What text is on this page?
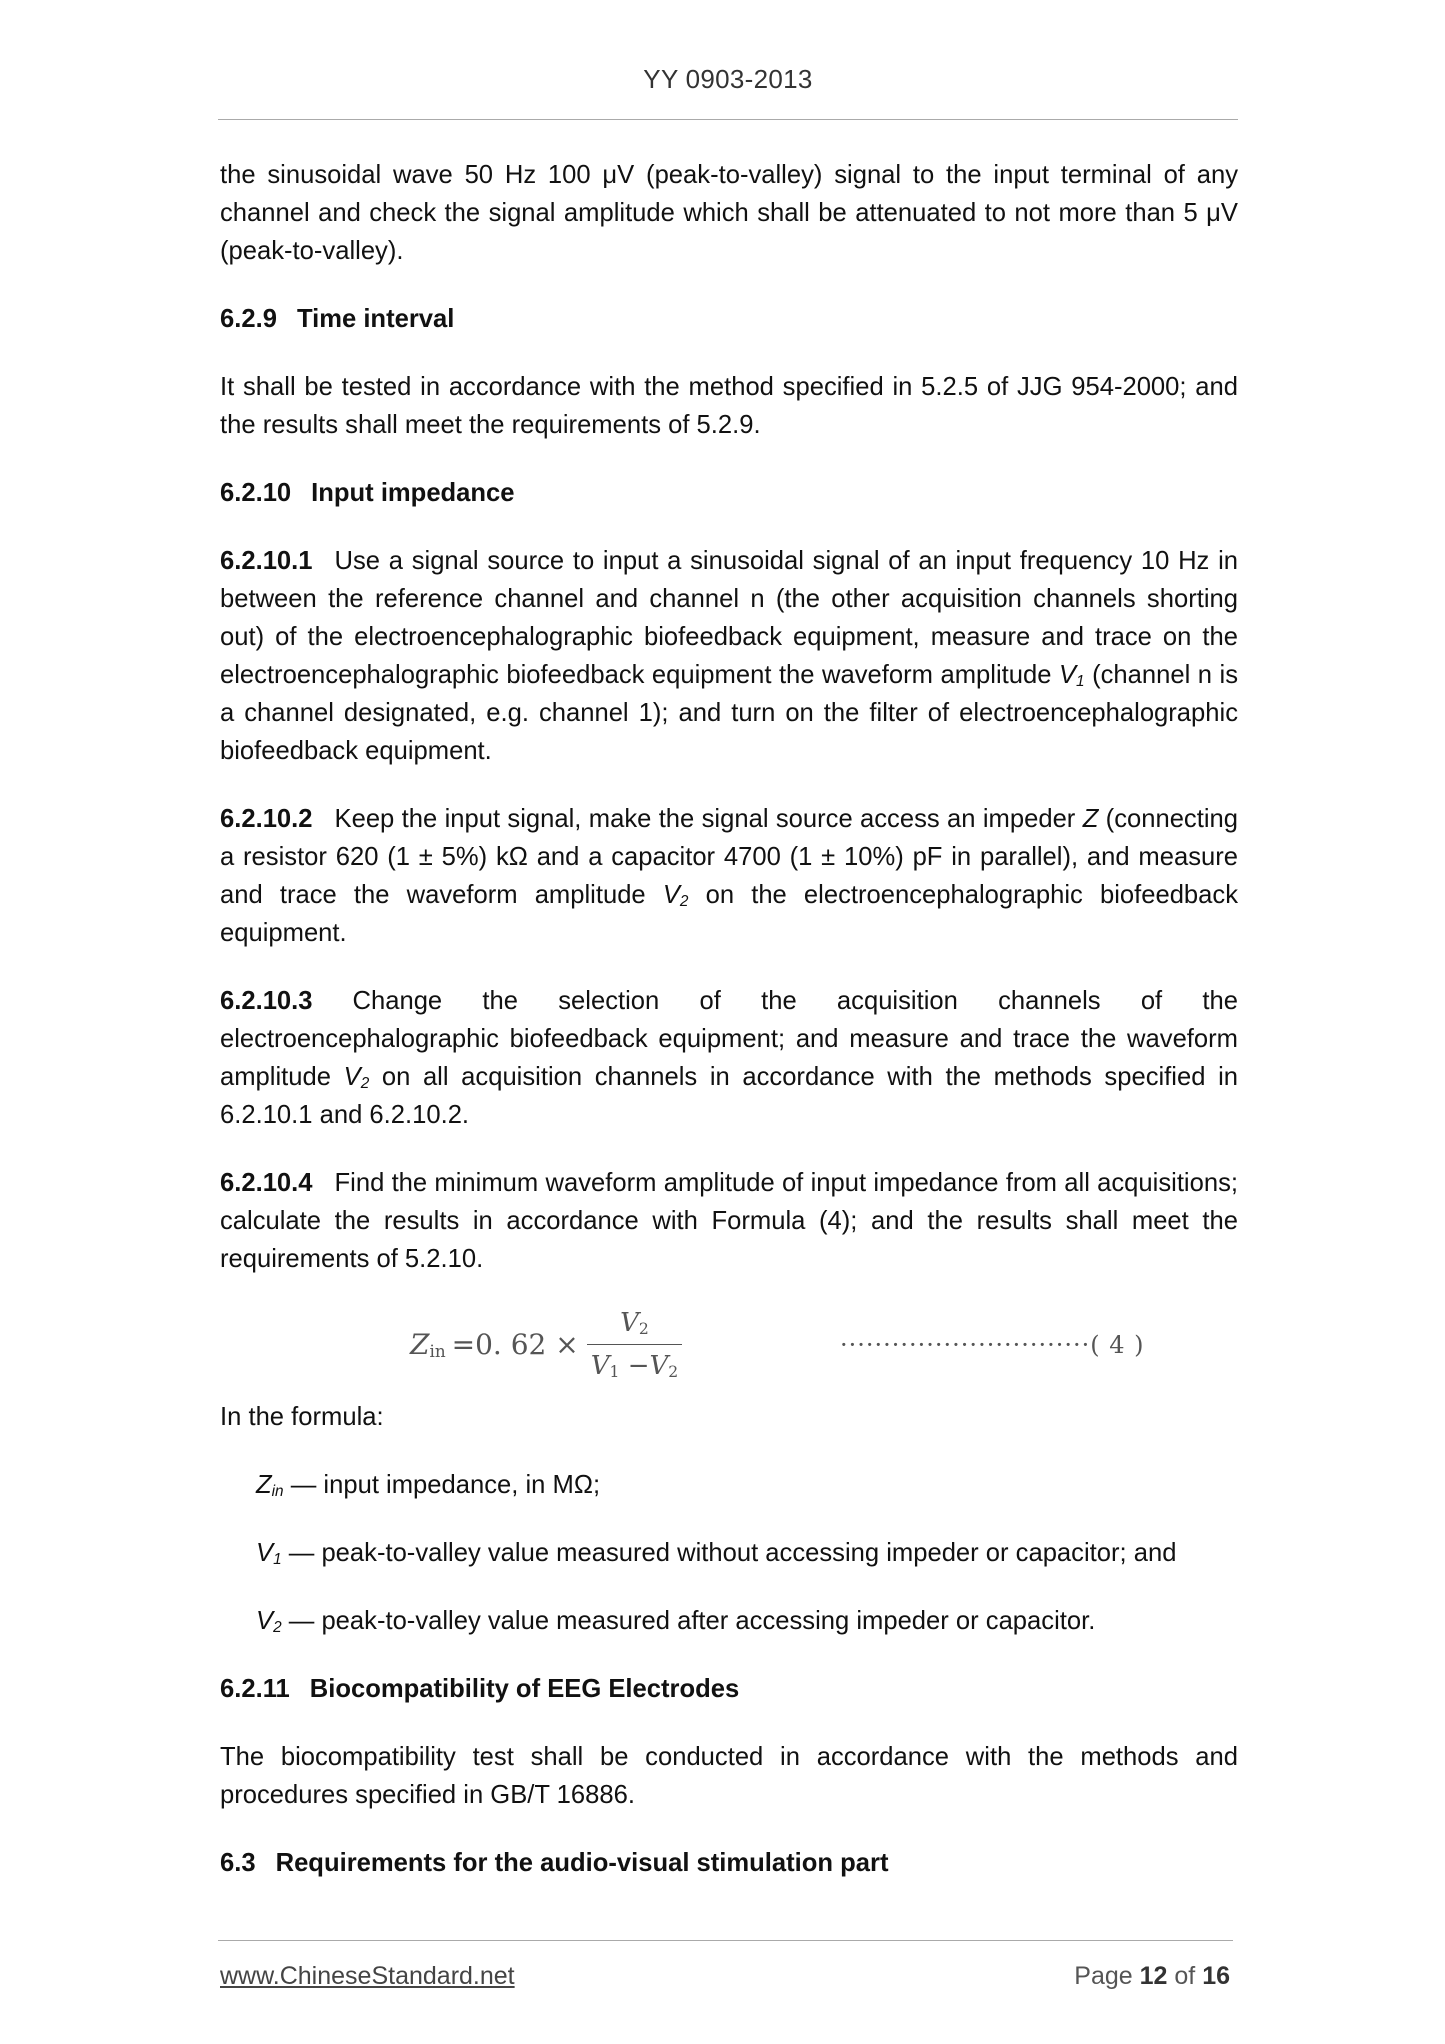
YY 0903-2013

the sinusoidal wave 50 Hz 100 μV (peak-to-valley) signal to the input terminal of any channel and check the signal amplitude which shall be attenuated to not more than 5 μV (peak-to-valley).

6.2.9 Time interval

It shall be tested in accordance with the method specified in 5.2.5 of JJG 954-2000; and the results shall meet the requirements of 5.2.9.

6.2.10 Input impedance

6.2.10.1 Use a signal source to input a sinusoidal signal of an input frequency 10 Hz in between the reference channel and channel n (the other acquisition channels shorting out) of the electroencephalographic biofeedback equipment, measure and trace on the electroencephalographic biofeedback equipment the waveform amplitude $V_1$ (channel n is a channel designated, e.g. channel 1); and turn on the filter of electroencephalographic biofeedback equipment.

6.2.10.2 Keep the input signal, make the signal source access an impeder Z (connecting a resistor 620 (1 ± 5%) kΩ and a capacitor 4700 (1 ± 10%) pF in parallel), and measure and trace the waveform amplitude $V_2$ on the electroencephalographic biofeedback equipment.

6.2.10.3 Change the selection of the acquisition channels of the electroencephalographic biofeedback equipment; and measure and trace the waveform amplitude $V_2$ on all acquisition channels in accordance with the methods specified in 6.2.10.1 and 6.2.10.2.

6.2.10.4 Find the minimum waveform amplitude of input impedance from all acquisitions; calculate the results in accordance with Formula (4); and the results shall meet the requirements of 5.2.10.

$Z_{in} =0$. $62 \times \frac{V_2}{V_1 -V_2}$	·····························( 4 )

In the formula:

$Z_{in}$ — input impedance, in MΩ;

$V_1$ — peak-to-valley value measured without accessing impeder or capacitor; and

$V_2$ — peak-to-valley value measured after accessing impeder or capacitor.

6.2.11 Biocompatibility of EEG Electrodes

The biocompatibility test shall be conducted in accordance with the methods and procedures specified in GB/T 16886.

6.3 Requirements for the audio-visual stimulation part

www.ChineseStandard.net	Page 12 of 16
